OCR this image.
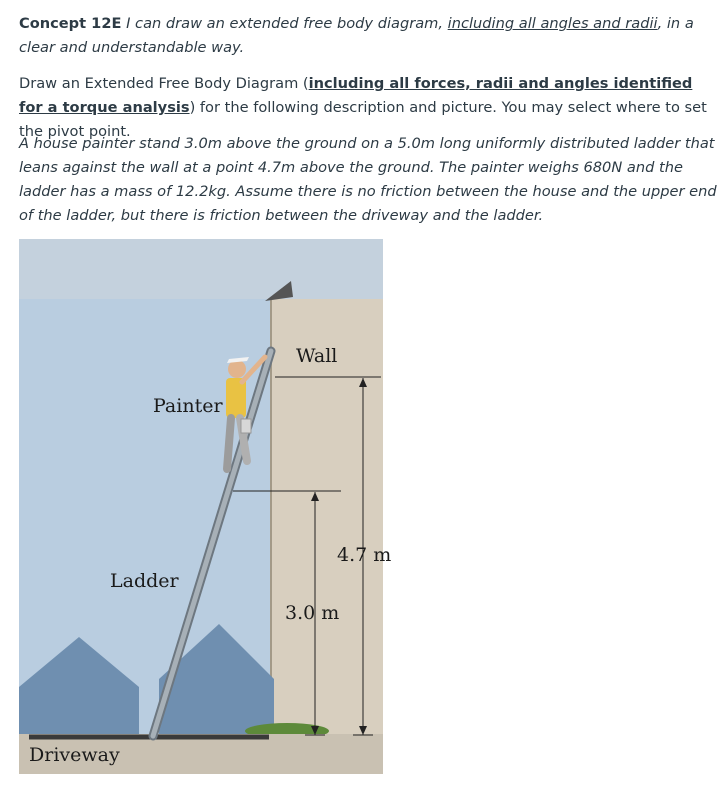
Concept 12E I can draw an extended free body diagram, including all angles and radii, in a clear and understandable way.

Draw an Extended Free Body Diagram (including all forces, radii and angles identified for a torque analysis) for the following description and picture. You may select where to set the pivot point.

A house painter stand 3.0m above the ground on a 5.0m long uniformly distributed ladder that leans against the wall at a point 4.7m above the ground. The painter weighs 680N and the ladder has a mass of 12.2kg. Assume there is no friction between the house and the upper end of the ladder, but there is friction between the driveway and the ladder.

Wall
Painter
Ladder
Driveway
4.7 m
3.0 m
